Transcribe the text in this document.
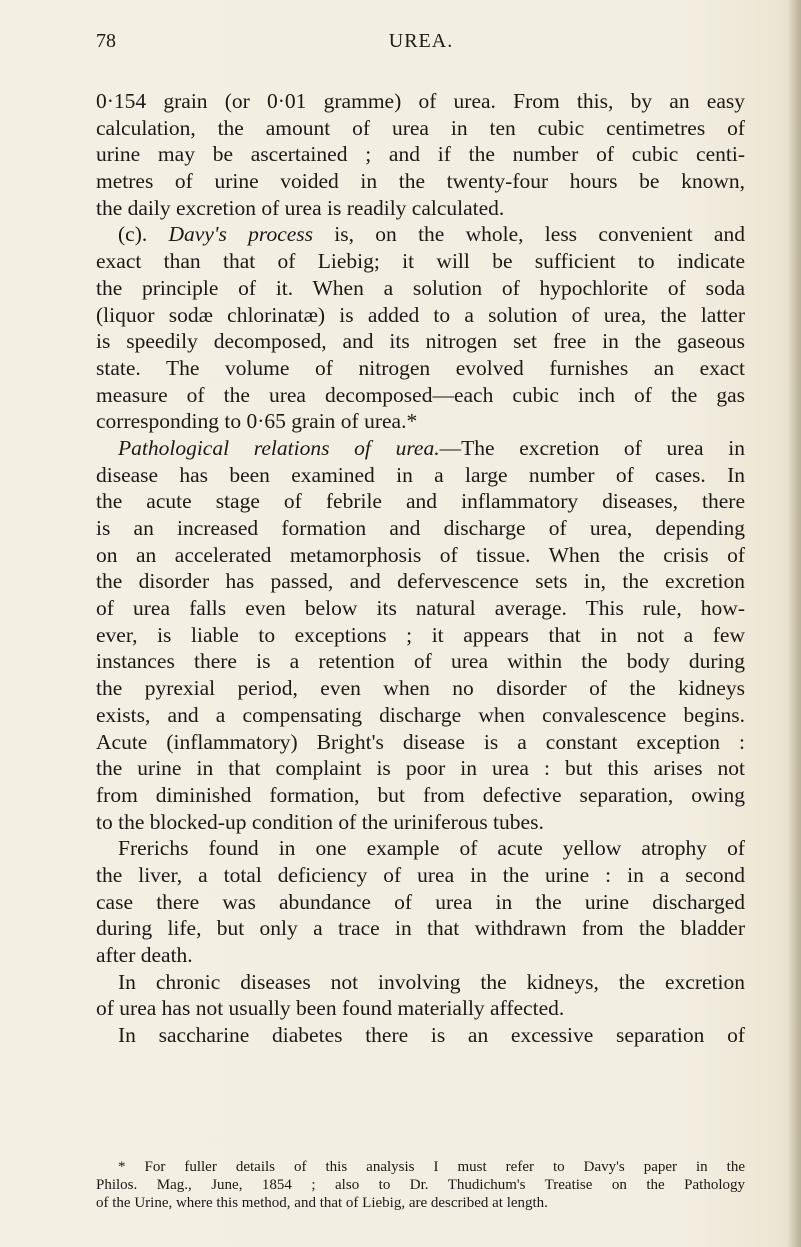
78	UREA.
0·154 grain (or 0·01 gramme) of urea. From this, by an easy
calculation, the amount of urea in ten cubic centimetres of
urine may be ascertained ; and if the number of cubic centi-
metres of urine voided in the twenty-four hours be known,
the daily excretion of urea is readily calculated.
(c). Davy's process is, on the whole, less convenient and
exact than that of Liebig; it will be sufficient to indicate
the principle of it. When a solution of hypochlorite of soda
(liquor sodæ chlorinatæ) is added to a solution of urea, the latter
is speedily decomposed, and its nitrogen set free in the gaseous
state. The volume of nitrogen evolved furnishes an exact
measure of the urea decomposed—each cubic inch of the gas
corresponding to 0·65 grain of urea.*
Pathological relations of urea.—The excretion of urea in
disease has been examined in a large number of cases. In
the acute stage of febrile and inflammatory diseases, there
is an increased formation and discharge of urea, depending
on an accelerated metamorphosis of tissue. When the crisis of
the disorder has passed, and defervescence sets in, the excretion
of urea falls even below its natural average. This rule, how-
ever, is liable to exceptions ; it appears that in not a few
instances there is a retention of urea within the body during
the pyrexial period, even when no disorder of the kidneys
exists, and a compensating discharge when convalescence begins.
Acute (inflammatory) Bright's disease is a constant exception :
the urine in that complaint is poor in urea : but this arises not
from diminished formation, but from defective separation, owing
to the blocked-up condition of the uriniferous tubes.
Frerichs found in one example of acute yellow atrophy of
the liver, a total deficiency of urea in the urine : in a second
case there was abundance of urea in the urine discharged
during life, but only a trace in that withdrawn from the bladder
after death.
In chronic diseases not involving the kidneys, the excretion
of urea has not usually been found materially affected.
In saccharine diabetes there is an excessive separation of
* For fuller details of this analysis I must refer to Davy's paper in the
Philos. Mag., June, 1854 ; also to Dr. Thudichum's Treatise on the Pathology
of the Urine, where this method, and that of Liebig, are described at length.
